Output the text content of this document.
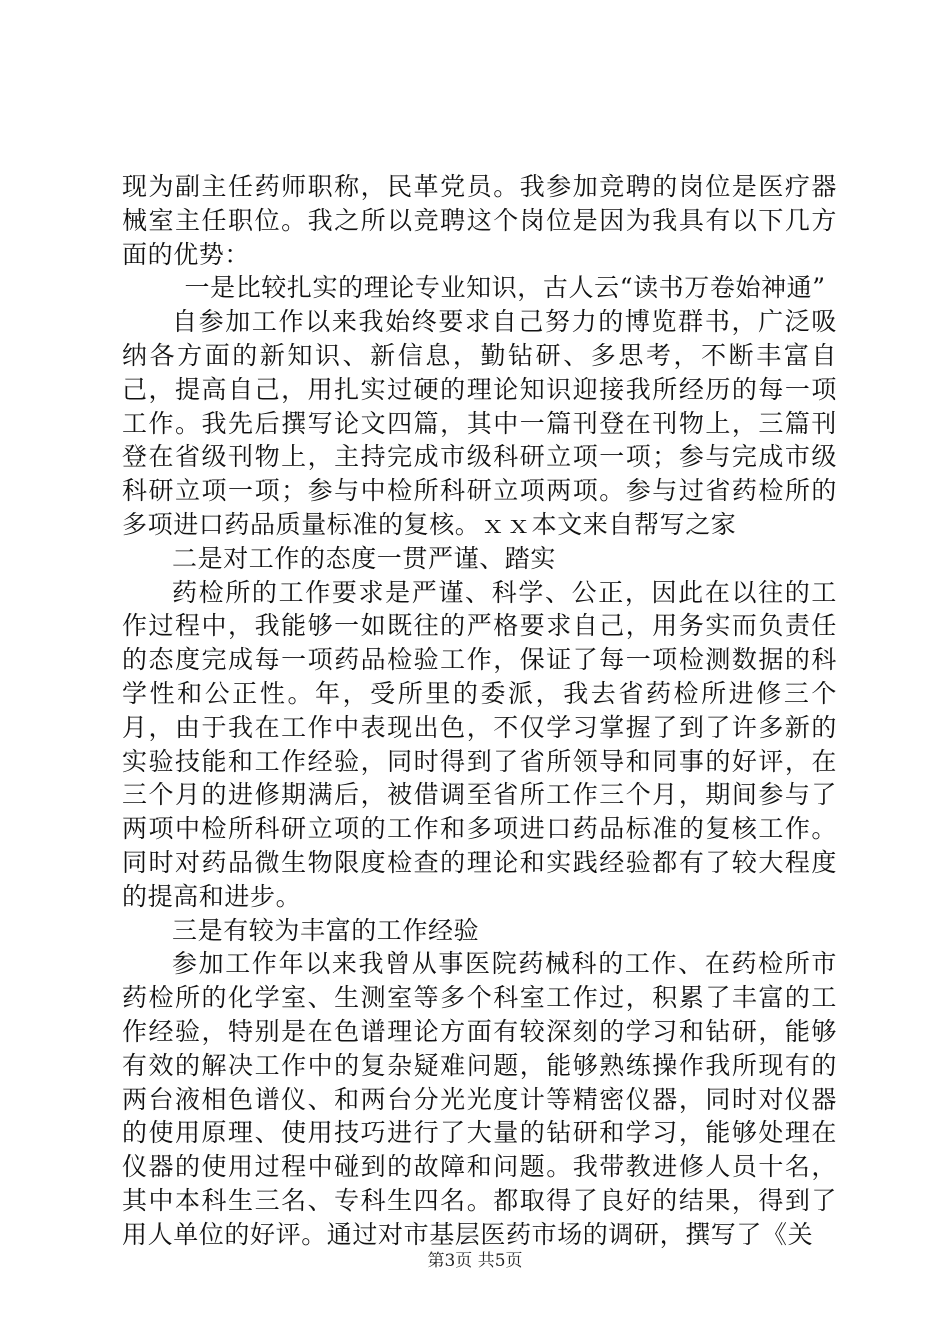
现为副主任药师职称，民革党员。我参加竞聘的岗位是医疗器械室主任职位。我之所以竞聘这个岗位是因为我具有以下几方面的优势：

一是比较扎实的理论专业知识，古人云“读书万卷始神通”

自参加工作以来我始终要求自己努力的博览群书，广泛吸纳各方面的新知识、新信息，勤钻研、多思考，不断丰富自己，提高自己，用扎实过硬的理论知识迎接我所经历的每一项工作。我先后撰写论文四篇，其中一篇刊登在刊物上，三篇刊登在省级刊物上，主持完成市级科研立项一项；参与完成市级科研立项一项；参与中检所科研立项两项。参与过省药检所的多项进口药品质量标准的复核。ｘｘ本文来自帮写之家

二是对工作的态度一贯严谨、踏实

药检所的工作要求是严谨、科学、公正，因此在以往的工作过程中，我能够一如既往的严格要求自己，用务实而负责任的态度完成每一项药品检验工作，保证了每一项检测数据的科学性和公正性。年，受所里的委派，我去省药检所进修三个月，由于我在工作中表现出色，不仅学习掌握了到了许多新的实验技能和工作经验，同时得到了省所领导和同事的好评，在三个月的进修期满后，被借调至省所工作三个月，期间参与了两项中检所科研立项的工作和多项进口药品标准的复核工作。同时对药品微生物限度检查的理论和实践经验都有了较大程度的提高和进步。

三是有较为丰富的工作经验

参加工作年以来我曾从事医院药械科的工作、在药检所市药检所的化学室、生测室等多个科室工作过，积累了丰富的工作经验，特别是在色谱理论方面有较深刻的学习和钻研，能够有效的解决工作中的复杂疑难问题，能够熟练操作我所现有的两台液相色谱仪、和两台分光光度计等精密仪器，同时对仪器的使用原理、使用技巧进行了大量的钻研和学习，能够处理在仪器的使用过程中碰到的故障和问题。我带教进修人员十名，其中本科生三名、专科生四名。都取得了良好的结果，得到了用人单位的好评。通过对市基层医药市场的调研，撰写了《关

第3页 共5页
